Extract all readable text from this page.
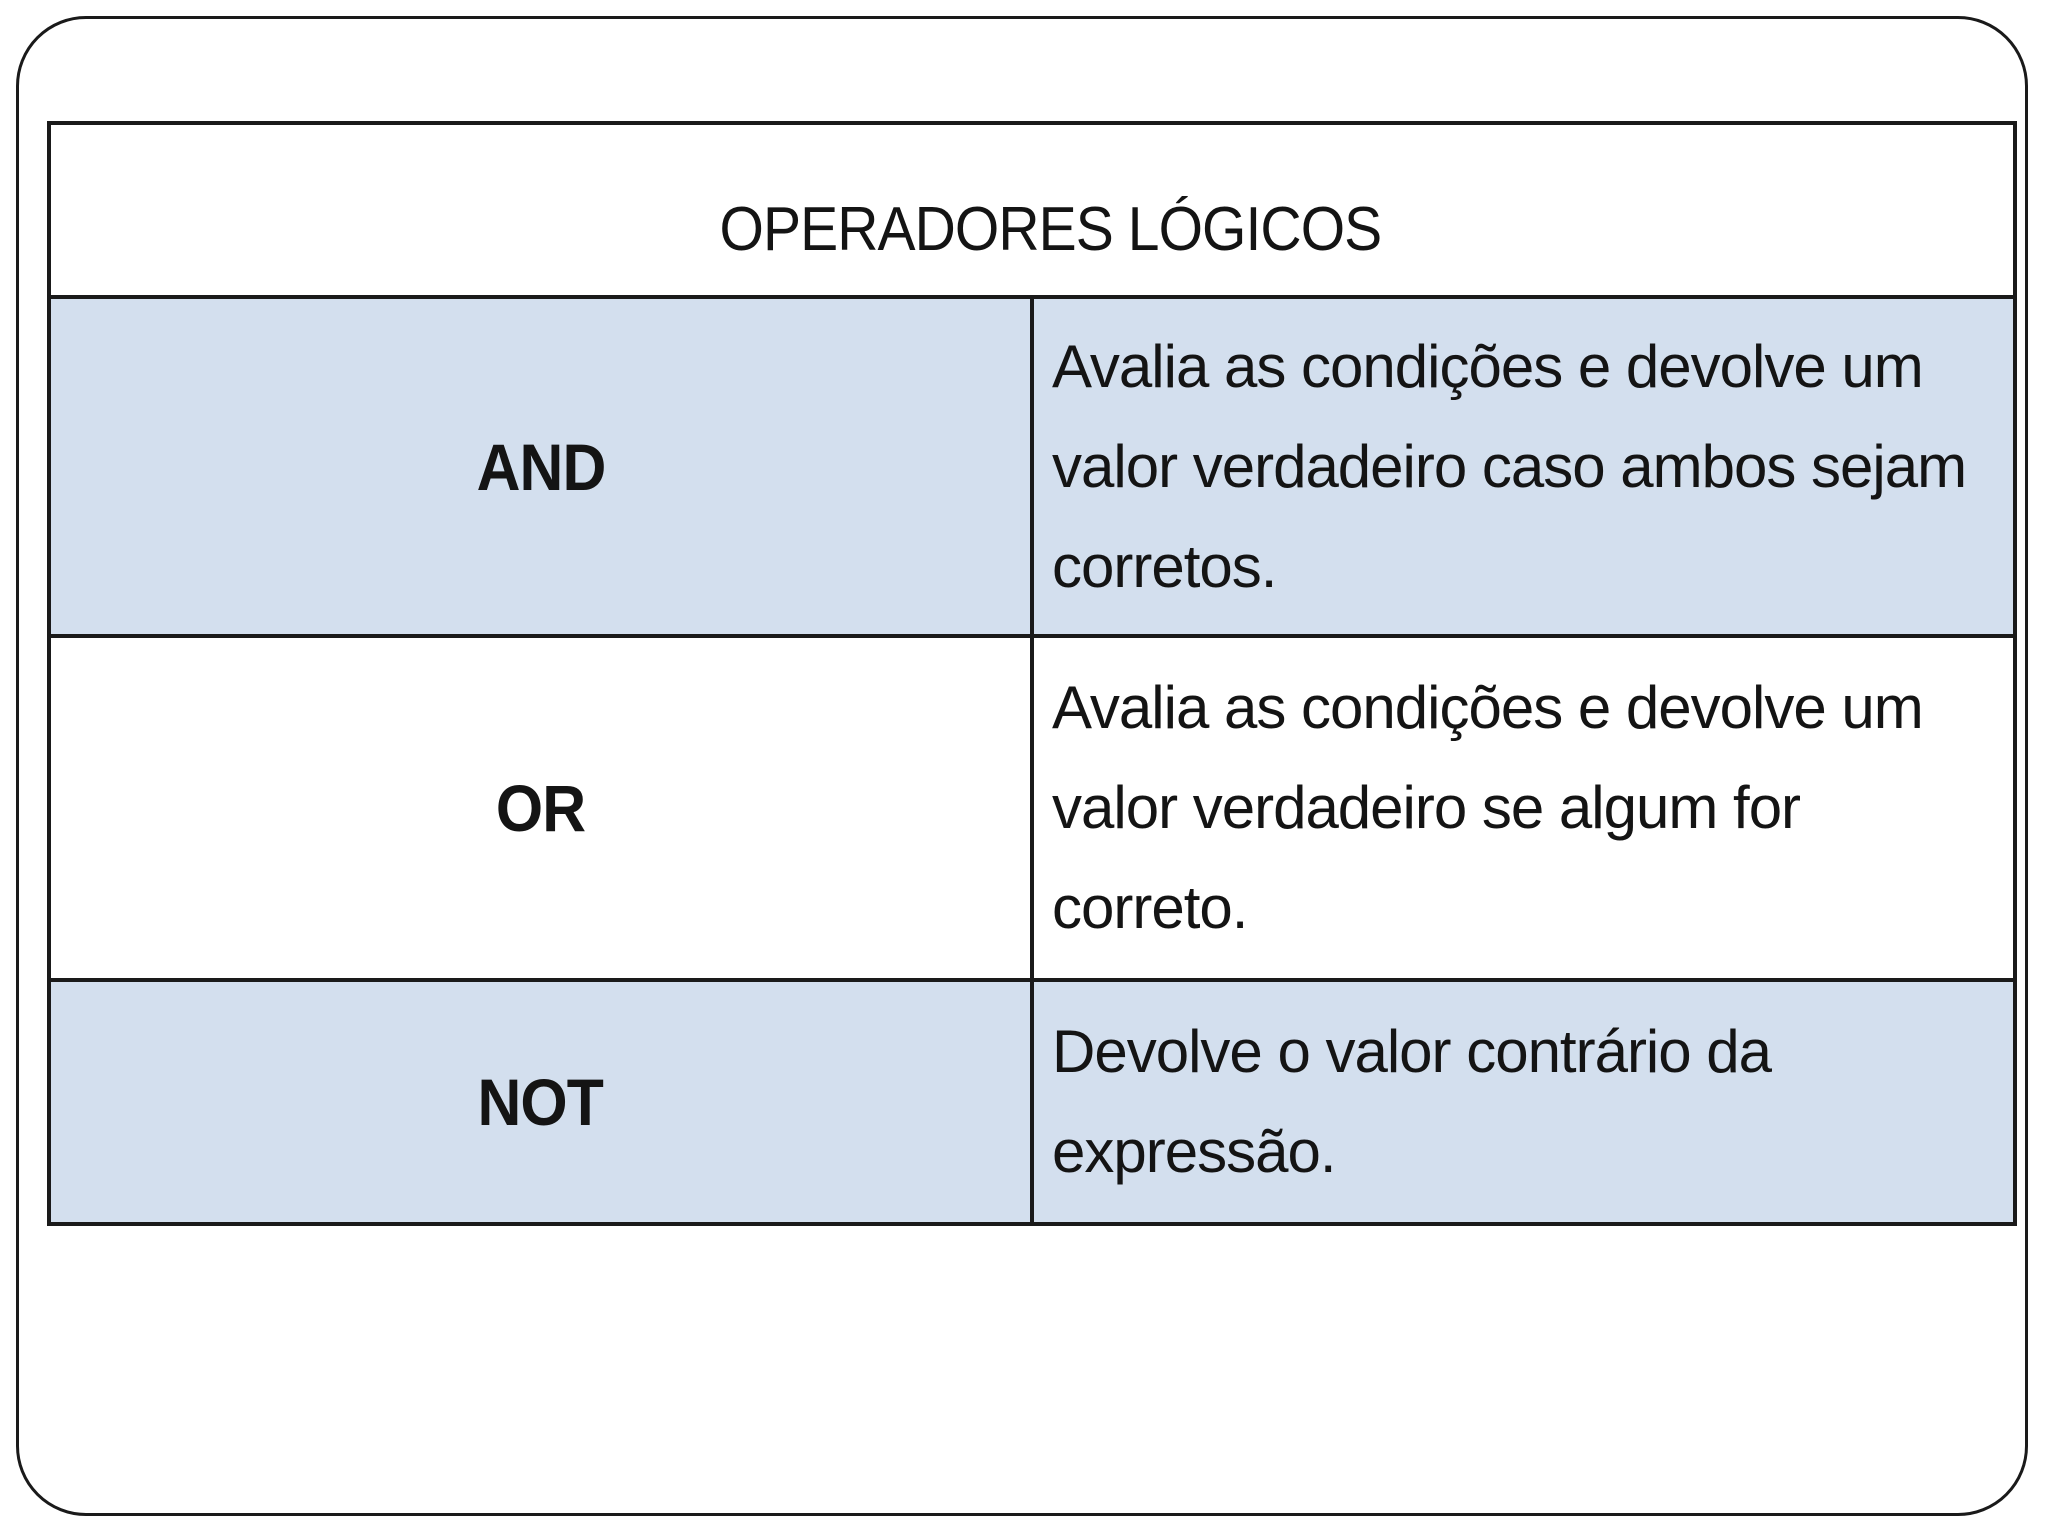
OPERADORES LÓGICOS	

AND	Avalia as condições e devolve um valor verdadeiro caso ambos sejam corretos.
OR	Avalia as condições e devolve um valor verdadeiro se algum for correto.
NOT	Devolve o valor contrário da expressão.
